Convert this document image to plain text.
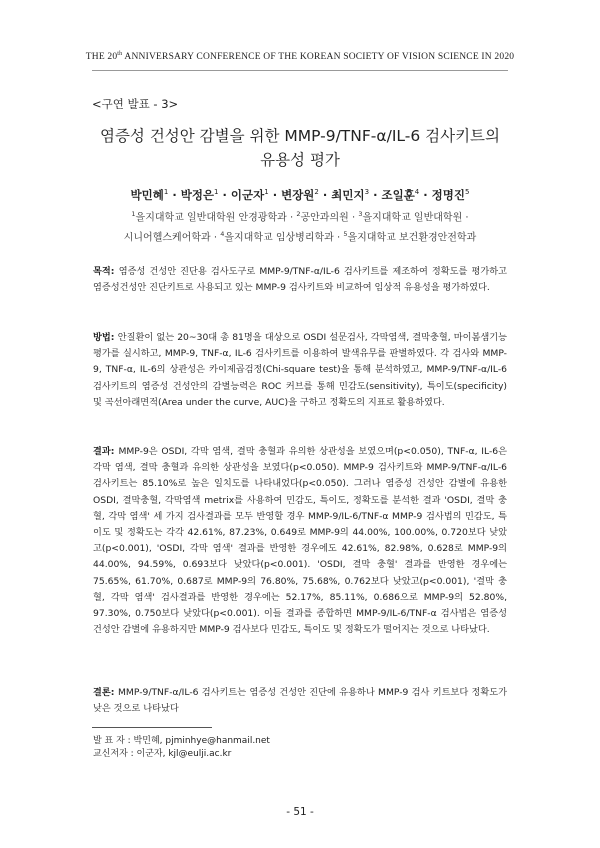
THE 20th ANNIVERSARY CONFERENCE OF THE KOREAN SOCIETY OF VISION SCIENCE IN 2020
<구연 발표 - 3>
염증성 건성안 감별을 위한 MMP-9/TNF-α/IL-6 검사키트의
유용성 평가
박민혜$^1$ · 박정은$^1$ · 이군자$^1$ · 변장원$^2$ · 최민지$^3$ · 조일훈$^4$ · 정명진$^5$
$^1$을지대학교 일반대학원 안경광학과 · $^2$공안과의원 · $^3$을지대학교 일반대학원 ·
시니어헬스케어학과 · $^4$을지대학교 임상병리학과 · $^5$을지대학교 보건환경안전학과

목적: 염증성 건성안 진단용 검사도구로 MMP-9/TNF-α/IL-6 검사키트를 제조하여 정확도를 평가하고 염증성건성안 진단키트로 사용되고 있는 MMP-9 검사키트와 비교하여 임상적 유용성을 평가하였다.

방법: 안질환이 없는 20~30대 총 81명을 대상으로 OSDI 설문검사, 각막염색, 결막충혈, 마이봄샘기능 평가를 실시하고, MMP-9, TNF-α, IL-6 검사키트를 이용하여 발색유무를 판별하였다. 각 검사와 MMP-9, TNF-α, IL-6의 상관성은 카이제곱검정(Chi-square test)을 통해 분석하였고, MMP-9/TNF-α/IL-6 검사키트의 염증성 건성안의 감별능력은 ROC 커브를 통해 민감도(sensitivity), 특이도(specificity) 및 곡선아래면적(Area under the curve, AUC)을 구하고 정확도의 지표로 활용하였다.

결과: MMP-9은 OSDI, 각막 염색, 결막 충혈과 유의한 상관성을 보였으며(p<0.050), TNF-α, IL-6은 각막 염색, 결막 충혈과 유의한 상관성을 보였다(p<0.050). MMP-9 검사키트와 MMP-9/TNF-α/IL-6 검사키트는 85.10%로 높은 일치도를 나타내었다(p<0.050). 그러나 염증성 건성안 감별에 유용한 OSDI, 결막충혈, 각막염색 metrix를 사용하여 민감도, 특이도, 정확도를 분석한 결과 'OSDI, 결막 충혈, 각막 염색' 세 가지 검사결과를 모두 반영할 경우 MMP-9/IL-6/TNF-α MMP-9 검사법의 민감도, 특이도 및 정확도는 각각 42.61%, 87.23%, 0.649로 MMP-9의 44.00%, 100.00%, 0.720보다 낮았고(p<0.001), 'OSDI, 각막 염색' 결과를 반영한 경우에도 42.61%, 82.98%, 0.628로 MMP-9의 44.00%, 94.59%, 0.693보다 낮았다(p<0.001). 'OSDI, 결막 충혈' 결과를 반영한 경우에는 75.65%, 61.70%, 0.687로 MMP-9의 76.80%, 75.68%, 0.762보다 낮았고(p<0.001), '결막 충혈, 각막 염색' 검사결과를 반영한 경우에는 52.17%, 85.11%, 0.686으로 MMP-9의 52.80%, 97.30%, 0.750보다 낮았다(p<0.001). 이들 결과를 종합하면 MMP-9/IL-6/TNF-α 검사법은 염증성 건성안 감별에 유용하지만 MMP-9 검사보다 민감도, 특이도 및 정확도가 떨어지는 것으로 나타났다.

결론: MMP-9/TNF-α/IL-6 검사키트는 염증성 건성안 진단에 유용하나 MMP-9 검사 키트보다 정확도가 낮은 것으로 나타났다

발 표 자 : 박민혜, pjminhye@hanmail.net
교신저자 : 이군자, kjl@eulji.ac.kr
- 51 -
